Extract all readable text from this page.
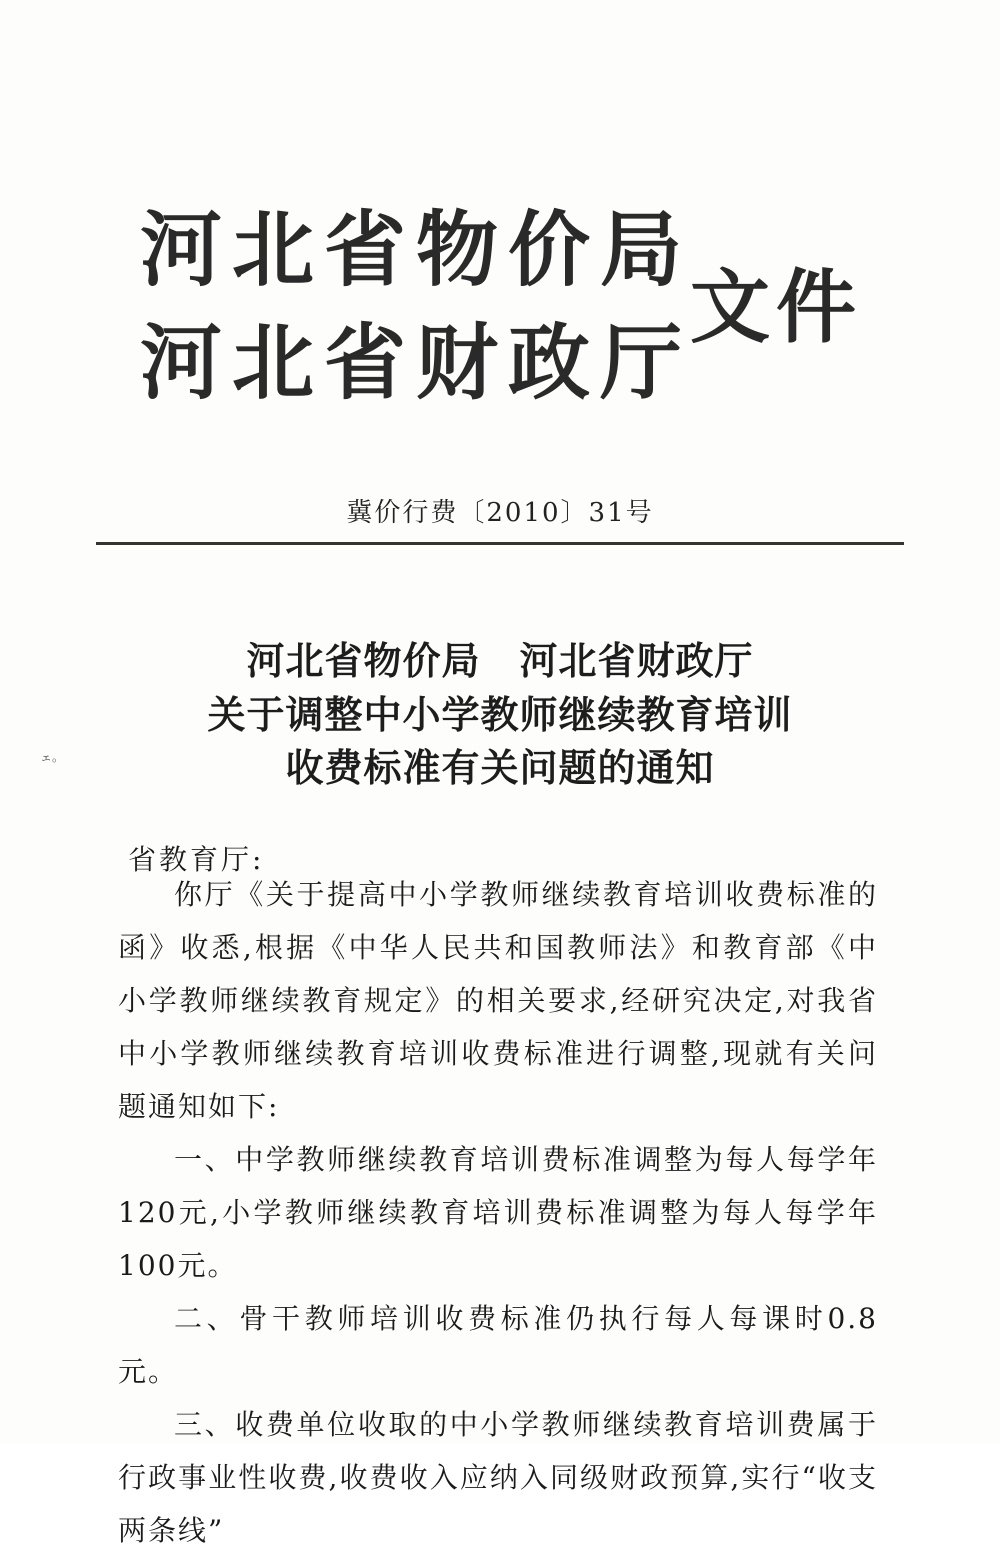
河北省物价局
河北省财政厅
文件
冀价行费〔2010〕31号
ェ。
河北省物价局　河北省财政厅
关于调整中小学教师继续教育培训
收费标准有关问题的通知
省教育厅:

你厅《关于提高中小学教师继续教育培训收费标准的函》收悉,根据《中华人民共和国教师法》和教育部《中小学教师继续教育规定》的相关要求,经研究决定,对我省中小学教师继续教育培训收费标准进行调整,现就有关问题通知如下:

一、中学教师继续教育培训费标准调整为每人每学年120元,小学教师继续教育培训费标准调整为每人每学年100元。

二、骨干教师培训收费标准仍执行每人每课时0.8元。

三、收费单位收取的中小学教师继续教育培训费属于行政事业性收费,收费收入应纳入同级财政预算,实行“收支两条线”
